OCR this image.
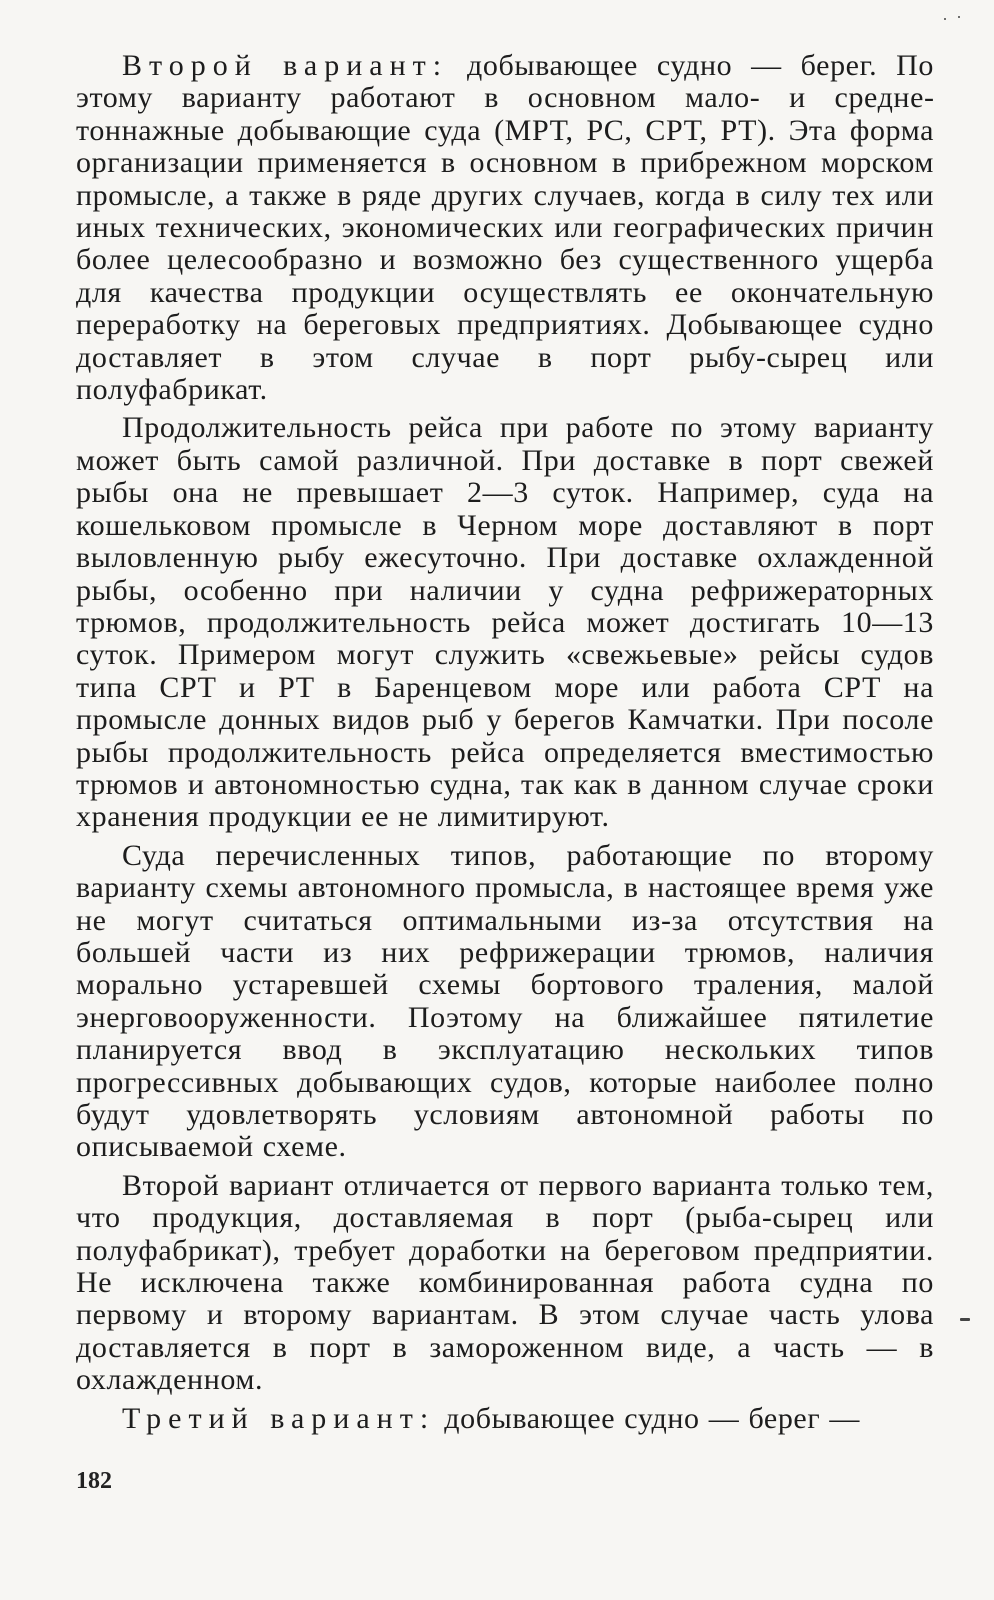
Второй вариант: добывающее судно — берег. По этому варианту работают в основном мало- и среднетоннажные добывающие суда (МРТ, PC, СРТ, РТ). Эта форма организации применяется в основном в прибрежном морском промысле, а также в ряде других случаев, когда в силу тех или иных технических, экономических или географических причин более целесообразно и возможно без существенного ущерба для качества продукции осуществлять ее окончательную переработку на береговых предприятиях. Добывающее судно доставляет в этом случае в порт рыбу-сырец или полуфабрикат.

Продолжительность рейса при работе по этому варианту может быть самой различной. При доставке в порт свежей рыбы она не превышает 2—3 суток. Например, суда на кошельковом промысле в Черном море доставляют в порт выловленную рыбу ежесуточно. При доставке охлажденной рыбы, особенно при наличии у судна рефрижераторных трюмов, продолжительность рейса может достигать 10—13 суток. Примером могут служить «свежьевые» рейсы судов типа СРТ и РТ в Баренцевом море или работа СРТ на промысле донных видов рыб у берегов Камчатки. При посоле рыбы продолжительность рейса определяется вместимостью трюмов и автономностью судна, так как в данном случае сроки хранения продукции ее не лимитируют.

Суда перечисленных типов, работающие по второму варианту схемы автономного промысла, в настоящее время уже не могут считаться оптимальными из-за отсутствия на большей части из них рефрижерации трюмов, наличия морально устаревшей схемы бортового траления, малой энерговооруженности. Поэтому на ближайшее пятилетие планируется ввод в эксплуатацию нескольких типов прогрессивных добывающих судов, которые наиболее полно будут удовлетворять условиям автономной работы по описываемой схеме.

Второй вариант отличается от первого варианта только тем, что продукция, доставляемая в порт (рыба-сырец или полуфабрикат), требует доработки на береговом предприятии. Не исключена также комбинированная работа судна по первому и второму вариантам. В этом случае часть улова доставляется в порт в замороженном виде, а часть — в охлажденном.

Третий вариант: добывающее судно — берег —

182
